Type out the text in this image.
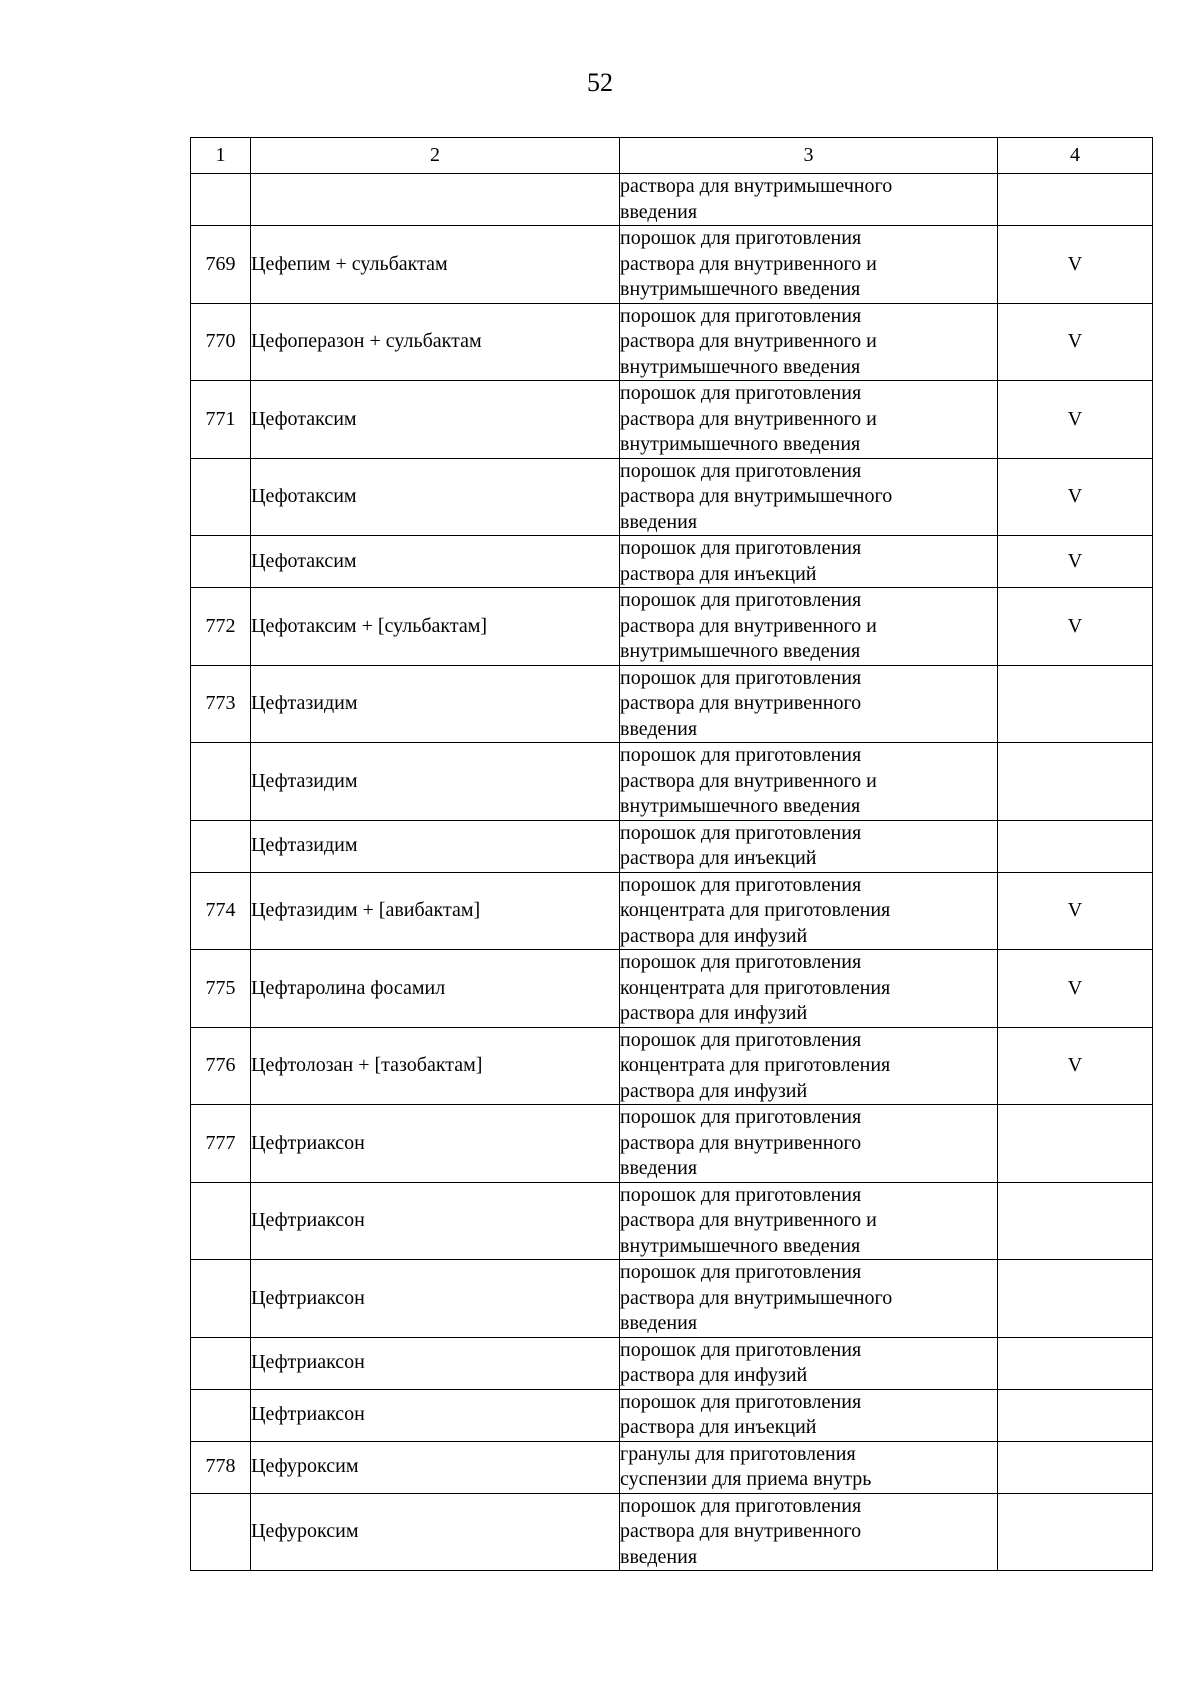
52
1	2	3	4

		раствора для внутримышечного
введения	

769	Цефепим + сульбактам	порошок для приготовления
раствора для внутривенного и
внутримышечного введения	V
770	Цефоперазон + сульбактам	порошок для приготовления
раствора для внутривенного и
внутримышечного введения	V
771	Цефотаксим	порошок для приготовления
раствора для внутривенного и
внутримышечного введения	V
	Цефотаксим	порошок для приготовления
раствора для внутримышечного
введения	V
	Цефотаксим	порошок для приготовления
раствора для инъекций	V
772	Цефотаксим + [сульбактам]	порошок для приготовления
раствора для внутривенного и
внутримышечного введения	V
773	Цефтазидим	порошок для приготовления
раствора для внутривенного
введения	

	Цефтазидим	порошок для приготовления
раствора для внутривенного и
внутримышечного введения	

	Цефтазидим	порошок для приготовления
раствора для инъекций	

774	Цефтазидим + [авибактам]	порошок для приготовления
концентрата для приготовления
раствора для инфузий	V
775	Цефтаролина фосамил	порошок для приготовления
концентрата для приготовления
раствора для инфузий	V
776	Цефтолозан + [тазобактам]	порошок для приготовления
концентрата для приготовления
раствора для инфузий	V
777	Цефтриаксон	порошок для приготовления
раствора для внутривенного
введения	

	Цефтриаксон	порошок для приготовления
раствора для внутривенного и
внутримышечного введения	

	Цефтриаксон	порошок для приготовления
раствора для внутримышечного
введения	

	Цефтриаксон	порошок для приготовления
раствора для инфузий	

	Цефтриаксон	порошок для приготовления
раствора для инъекций	

778	Цефуроксим	гранулы для приготовления
суспензии для приема внутрь	

	Цефуроксим	порошок для приготовления
раствора для внутривенного
введения	
